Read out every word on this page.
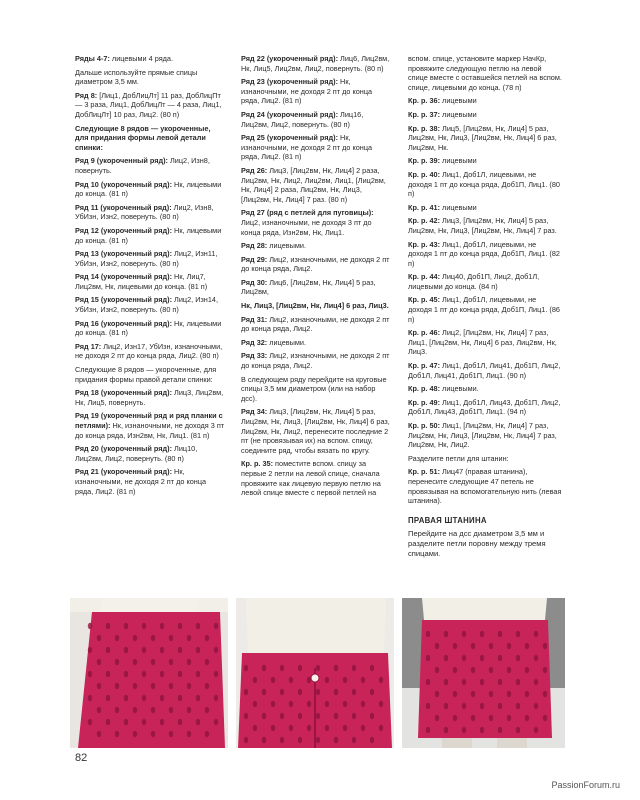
Ряды 4-7: лицевыми 4 ряда.

Дальше используйте прямые спицы диаметром 3,5 мм.

Ряд 8: [Лиц1, ДобЛицЛт] 11 раз, ДобЛицПт — 3 раза, Лиц1, ДобЛицЛт — 4 раза, Лиц1, ДобЛицЛт] 10 раз, Лиц2. (80 п)

Следующие 8 рядов — укороченные, для придания формы левой детали спинки:

Ряд 9 (укороченный ряд): Лиц2, Изн8, повернуть.

Ряд 10 (укороченный ряд): Нк, лицевыми до конца. (81 п)

Ряд 11 (укороченный ряд): Лиц2, Изн8, УбИзн, Изн2, повернуть. (80 п)

Ряд 12 (укороченный ряд): Нк, лицевыми до конца. (81 п)

Ряд 13 (укороченный ряд): Лиц2, Изн11, УбИзн, Изн2, повернуть. (80 п)

Ряд 14 (укороченный ряд): Нк, Лиц7, Лиц2вм, Нк, лицевыми до конца. (81 п)

Ряд 15 (укороченный ряд): Лиц2, Изн14, УбИзн, Изн2, повернуть. (80 п)

Ряд 16 (укороченный ряд): Нк, лицевыми до конца. (81 п)

Ряд 17: Лиц2, Изн17, УбИзн, изнаночными, не доходя 2 пт до конца ряда, Лиц2. (80 п)

Следующие 8 рядов — укороченные, для придания формы правой детали спинки:

Ряд 18 (укороченный ряд): Лиц3, Лиц2вм, Нк, Лиц5, повернуть.

Ряд 19 (укороченный ряд и ряд планки с петлями): Нк, изнаночными, не доходя 3 пт до конца ряда, Изн2вм, Нк, Лиц1. (81 п)

Ряд 20 (укороченный ряд): Лиц10, Лиц2вм, Лиц2, повернуть. (80 п)

Ряд 21 (укороченный ряд): Нк, изнаночными, не доходя 2 пт до конца ряда, Лиц2. (81 п)

Ряд 22 (укороченный ряд): Лиц6, Лиц2вм, Нк, Лиц5, Лиц2вм, Лиц2, повернуть. (80 п)

Ряд 23 (укороченный ряд): Нк, изнаночными, не доходя 2 пт до конца ряда, Лиц2. (81 п)

Ряд 24 (укороченный ряд): Лиц16, Лиц2вм, Лиц2, повернуть. (80 п)

Ряд 25 (укороченный ряд): Нк, изнаночными, не доходя 2 пт до конца ряда, Лиц2. (81 п)

Ряд 26: Лиц3, [Лиц2вм, Нк, Лиц4] 2 раза, Лиц2вм, Нк, Лиц2, Лиц2вм, Лиц1, [Лиц2вм, Нк, Лиц4] 2 раза, Лиц2вм, Нк, Лиц3, [Лиц2вм, Нк, Лиц4] 7 раз. (80 п)

Ряд 27 (ряд с петлей для пуговицы): Лиц2, изнаночными, не доходя 3 пт до конца ряда, Изн2вм, Нк, Лиц1.

Ряд 28: лицевыми.

Ряд 29: Лиц2, изнаночными, не доходя 2 пт до конца ряда, Лиц2.

Ряд 30: Лиц6, [Лиц2вм, Нк, Лиц4] 5 раз, Лиц2вм,

Нк, Лиц3, [Лиц2вм, Нк, Лиц4] 6 раз, Лиц3.

Ряд 31: Лиц2, изнаночными, не доходя 2 пт до конца ряда, Лиц2.

Ряд 32: лицевыми.

Ряд 33: Лиц2, изнаночными, не доходя 2 пт до конца ряда, Лиц2.

В следующем ряду перейдите на круговые спицы 3,5 мм диаметром (или на набор дсс).

Ряд 34: Лиц3, [Лиц2вм, Нк, Лиц4] 5 раз, Лиц2вм, Нк, Лиц3, [Лиц2вм, Нк, Лиц4] 6 раз, Лиц2вм, Нк, Лиц2, перенесите последние 2 пт (не провязывая их) на вспом. спицу, соедините ряд, чтобы вязать по кругу.

Кр. р. 35: поместите вспом. спицу за первые 2 петли на левой спице, сначала провяжите как лицевую первую петлю на левой спице вместе с первой петлей на

вспом. спице, установите маркер НачКр, провяжите следующую петлю на левой спице вместе с оставшейся петлей на вспом. спице, лицевыми до конца. (78 п)

Кр. р. 36: лицевыми

Кр. р. 37: лицевыми

Кр. р. 38: Лиц5, [Лиц2вм, Нк, Лиц4] 5 раз, Лиц2вм, Нк, Лиц3, [Лиц2вм, Нк, Лиц4] 6 раз, Лиц2вм, Нк.

Кр. р. 39: лицевыми

Кр. р. 40: Лиц1, Доб1Л, лицевыми, не доходя 1 пт до конца ряда, Доб1П, Лиц1. (80 п)

Кр. р. 41: лицевыми

Кр. р. 42: Лиц3, [Лиц2вм, Нк, Лиц4] 5 раз, Лиц2вм, Нк, Лиц3, [Лиц2вм, Нк, Лиц4] 7 раз.

Кр. р. 43: Лиц1, Доб1Л, лицевыми, не доходя 1 пт до конца ряда, Доб1П, Лиц1. (82 п)

Кр. р. 44: Лиц40, Доб1П, Лиц2, Доб1Л, лицевыми до конца. (84 п)

Кр. р. 45: Лиц1, Доб1Л, лицевыми, не доходя 1 пт до конца ряда, Доб1П, Лиц1. (86 п)

Кр. р. 46: Лиц2, [Лиц2вм, Нк, Лиц4] 7 раз, Лиц1, [Лиц2вм, Нк, Лиц4] 6 раз, Лиц2вм, Нк, Лиц3.

Кр. р. 47: Лиц1, Доб1Л, Лиц41, Доб1П, Лиц2, Доб1Л, Лиц41, Доб1П, Лиц1. (90 п)

Кр. р. 48: лицевыми.

Кр. р. 49: Лиц1, Доб1Л, Лиц43, Доб1П, Лиц2, Доб1Л, Лиц43, Доб1П, Лиц1. (94 п)

Кр. р. 50: Лиц1, [Лиц2вм, Нк, Лиц4] 7 раз, Лиц2вм, Нк, Лиц3, [Лиц2вм, Нк, Лиц4] 7 раз, Лиц2вм, Нк, Лиц2.

Разделите петли для штанин:

Кр. р. 51: Лиц47 (правая штанина), перенесите следующие 47 петель не провязывая на вспомогательную нить (левая штанина).

ПРАВАЯ ШТАНИНА

Перейдите на дсс диаметром 3,5 мм и разделите петли поровну между тремя спицами.

82
PassionForum.ru
